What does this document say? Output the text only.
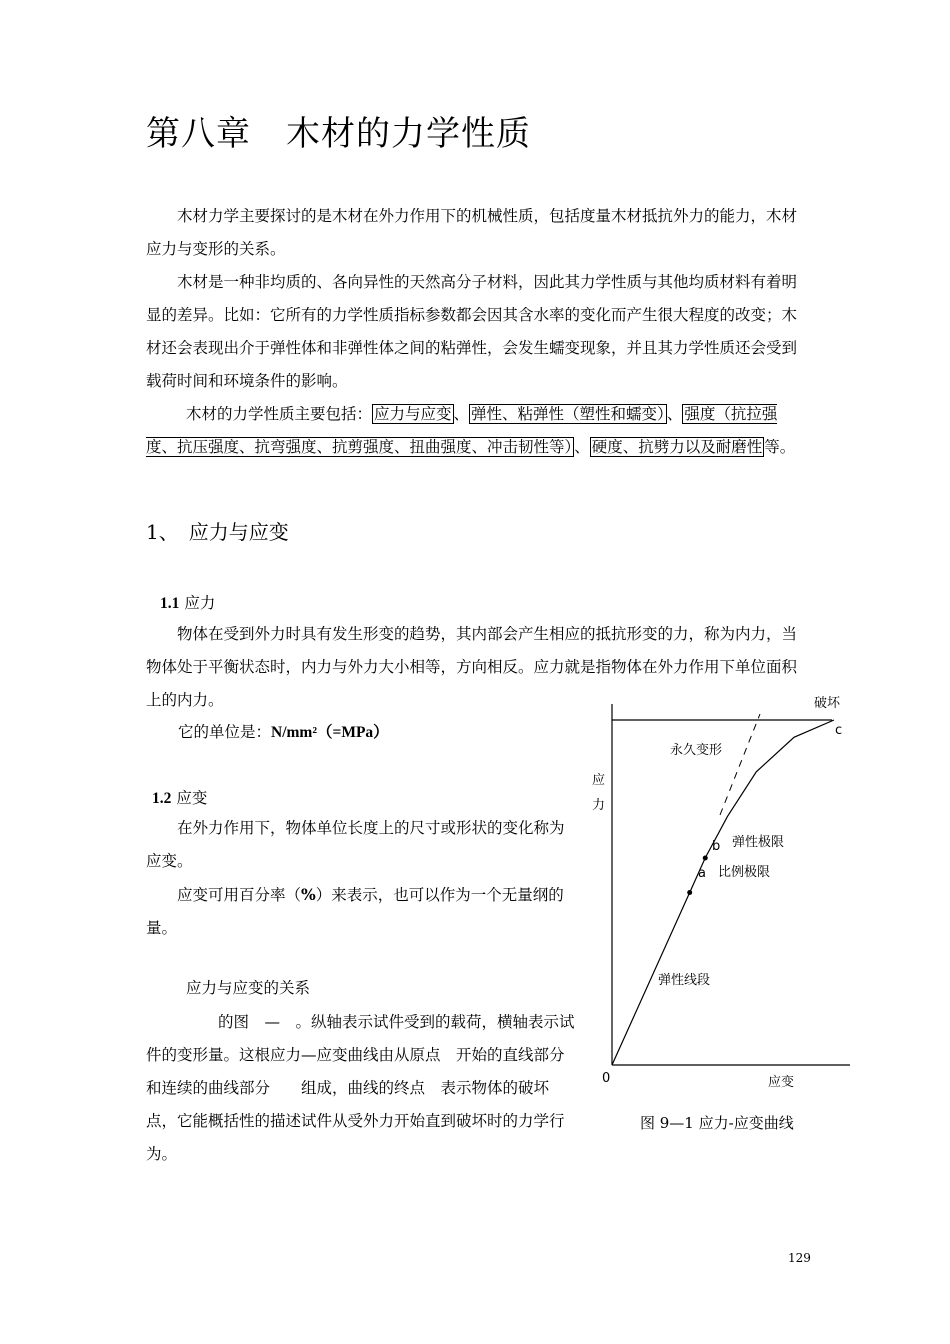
第八章　木材的力学性质

木材力学主要探讨的是木材在外力作用下的机械性质，包括度量木材抵抗外力的能力，木材应力与变形的关系。

木材是一种非均质的、各向异性的天然高分子材料，因此其力学性质与其他均质材料有着明显的差异。比如：它所有的力学性质指标参数都会因其含水率的变化而产生很大程度的改变；木材还会表现出介于弹性体和非弹性体之间的粘弹性，会发生蠕变现象，并且其力学性质还会受到载荷时间和环境条件的影响。

木材的力学性质主要包括： 应力与应变 、 弹性、粘弹性（塑性和蠕变） 、 强度（抗拉强度、抗压强度、抗弯强度、抗剪强度、扭曲强度、冲击韧性等） 、 硬度、抗劈力以及耐磨性 等。

1、　应力与应变
1.1 应力

物体在受到外力时具有发生形变的趋势，其内部会产生相应的抵抗形变的力，称为内力，当物体处于平衡状态时，内力与外力大小相等，方向相反。应力就是指物体在外力作用下单位面积上的内力。

它的单位是：N/mm²（=MPa）
1.2 应变

在外力作用下，物体单位长度上的尺寸或形状的变化称为应变。

应变可用百分率（%）来表示，也可以作为一个无量纲的量。

应力与应变的关系

的图　—　。纵轴表示试件受到的载荷，横轴表示试件的变形量。这根应力—应变曲线由从原点　开始的直线部分　和连续的曲线部分　　组成，曲线的终点　表示物体的破坏点，它能概括性的描述试件从受外力开始直到破坏时的力学行为。

破坏
c
永久变形
应
力
b 弹性极限
a 比例极限
弹性线段
0	应变
图 9—1 应力-应变曲线
129
